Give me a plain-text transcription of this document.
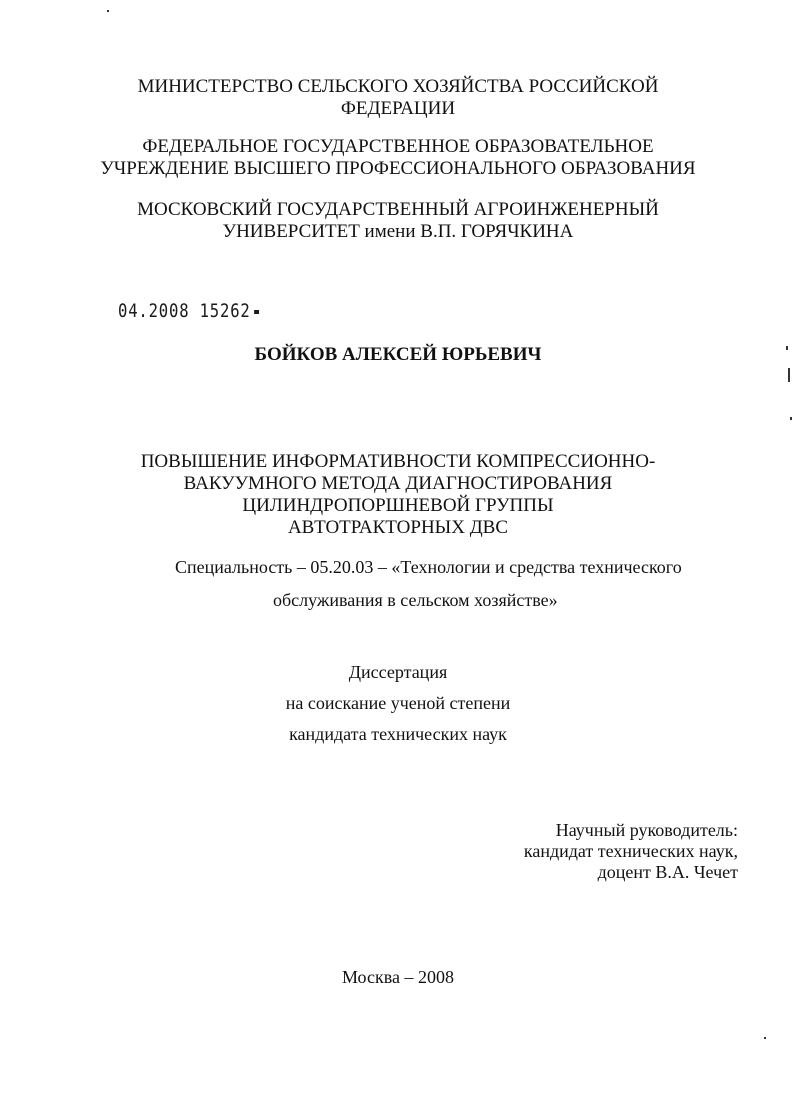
МИНИСТЕРСТВО СЕЛЬСКОГО ХОЗЯЙСТВА РОССИЙСКОЙ
ФЕДЕРАЦИИ
ФЕДЕРАЛЬНОЕ ГОСУДАРСТВЕННОЕ ОБРАЗОВАТЕЛЬНОЕ
УЧРЕЖДЕНИЕ ВЫСШЕГО ПРОФЕССИОНАЛЬНОГО ОБРАЗОВАНИЯ
МОСКОВСКИЙ ГОСУДАРСТВЕННЫЙ АГРОИНЖЕНЕРНЫЙ
УНИВЕРСИТЕТ имени В.П. ГОРЯЧКИНА
04.2008 15262
БОЙКОВ АЛЕКСЕЙ ЮРЬЕВИЧ
ПОВЫШЕНИЕ ИНФОРМАТИВНОСТИ КОМПРЕССИОННО-
ВАКУУМНОГО МЕТОДА ДИАГНОСТИРОВАНИЯ
ЦИЛИНДРОПОРШНЕВОЙ ГРУППЫ
АВТОТРАКТОРНЫХ ДВС
Специальность – 05.20.03 – «Технологии и средства технического
обслуживания в сельском хозяйстве»
Диссертация
на соискание ученой степени
кандидата технических наук
Научный руководитель:
кандидат технических наук,
доцент В.А. Чечет
Москва – 2008
